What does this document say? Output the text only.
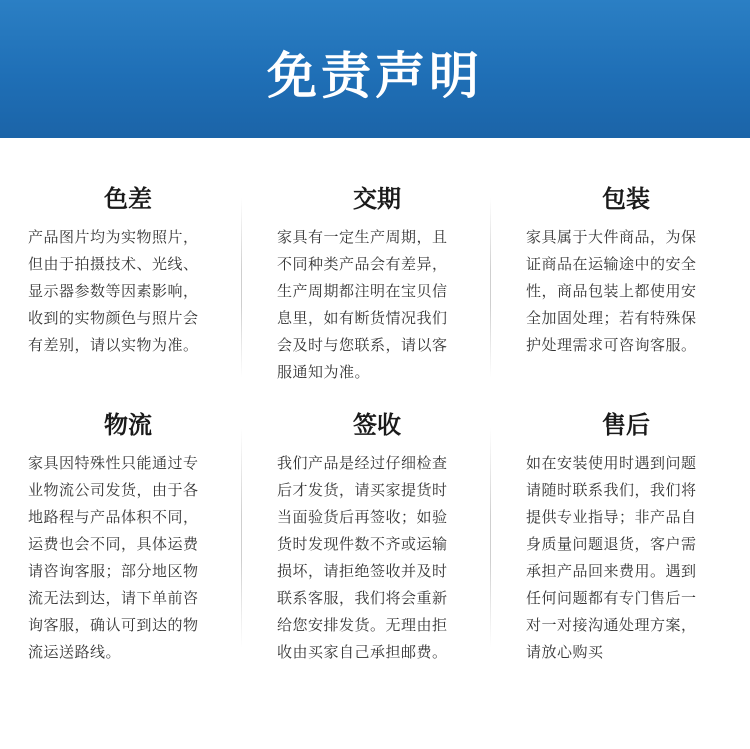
免责声明
色差
产品图片均为实物照片，
但由于拍摄技术、光线、
显示器参数等因素影响，
收到的实物颜色与照片会
有差别，请以实物为准。
交期
家具有一定生产周期，且
不同种类产品会有差异，
生产周期都注明在宝贝信
息里，如有断货情况我们
会及时与您联系，请以客
服通知为准。
包装
家具属于大件商品，为保
证商品在运输途中的安全
性，商品包装上都使用安
全加固处理；若有特殊保
护处理需求可咨询客服。
物流
家具因特殊性只能通过专
业物流公司发货，由于各
地路程与产品体积不同，
运费也会不同，具体运费
请咨询客服；部分地区物
流无法到达，请下单前咨
询客服，确认可到达的物
流运送路线。
签收
我们产品是经过仔细检查
后才发货，请买家提货时
当面验货后再签收；如验
货时发现件数不齐或运输
损坏，请拒绝签收并及时
联系客服，我们将会重新
给您安排发货。无理由拒
收由买家自己承担邮费。
售后
如在安装使用时遇到问题
请随时联系我们，我们将
提供专业指导；非产品自
身质量问题退货，客户需
承担产品回来费用。遇到
任何问题都有专门售后一
对一对接沟通处理方案，
请放心购买
